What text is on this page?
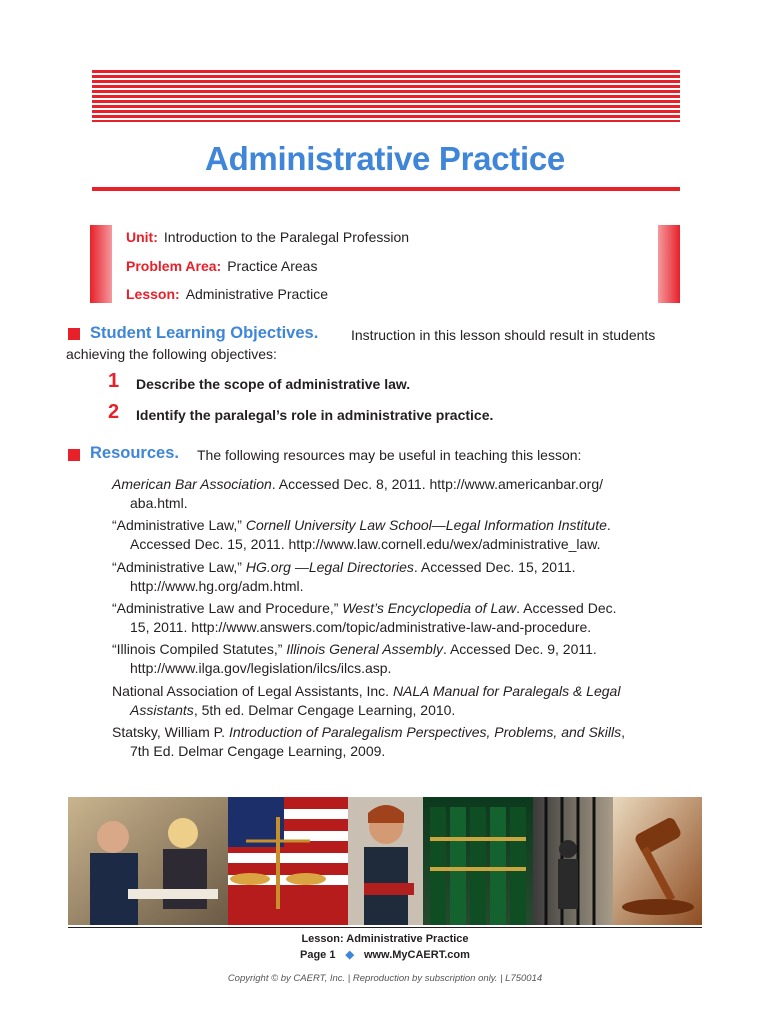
Administrative Practice
Unit: Introduction to the Paralegal Profession
Problem Area: Practice Areas
Lesson: Administrative Practice
Student Learning Objectives. Instruction in this lesson should result in students
achieving the following objectives:
1 Describe the scope of administrative law.
2 Identify the paralegal’s role in administrative practice.
Resources. The following resources may be useful in teaching this lesson:
American Bar Association. Accessed Dec. 8, 2011. http://www.americanbar.org/
aba.html.
“Administrative Law,” Cornell University Law School—Legal Information Institute.
Accessed Dec. 15, 2011. http://www.law.cornell.edu/wex/administrative_law.
“Administrative Law,” HG.org —Legal Directories. Accessed Dec. 15, 2011.
http://www.hg.org/adm.html.
“Administrative Law and Procedure,” West’s Encyclopedia of Law. Accessed Dec.
15, 2011. http://www.answers.com/topic/administrative-law-and-procedure.
“Illinois Compiled Statutes,” Illinois General Assembly. Accessed Dec. 9, 2011.
http://www.ilga.gov/legislation/ilcs/ilcs.asp.
National Association of Legal Assistants, Inc. NALA Manual for Paralegals & Legal
Assistants, 5th ed. Delmar Cengage Learning, 2010.
Statsky, William P. Introduction of Paralegalism Perspectives, Problems, and Skills,
7th Ed. Delmar Cengage Learning, 2009.
Lesson: Administrative Practice
Page 1 ◆ www.MyCAERT.com
Copyright © by CAERT, Inc. | Reproduction by subscription only. | L750014
